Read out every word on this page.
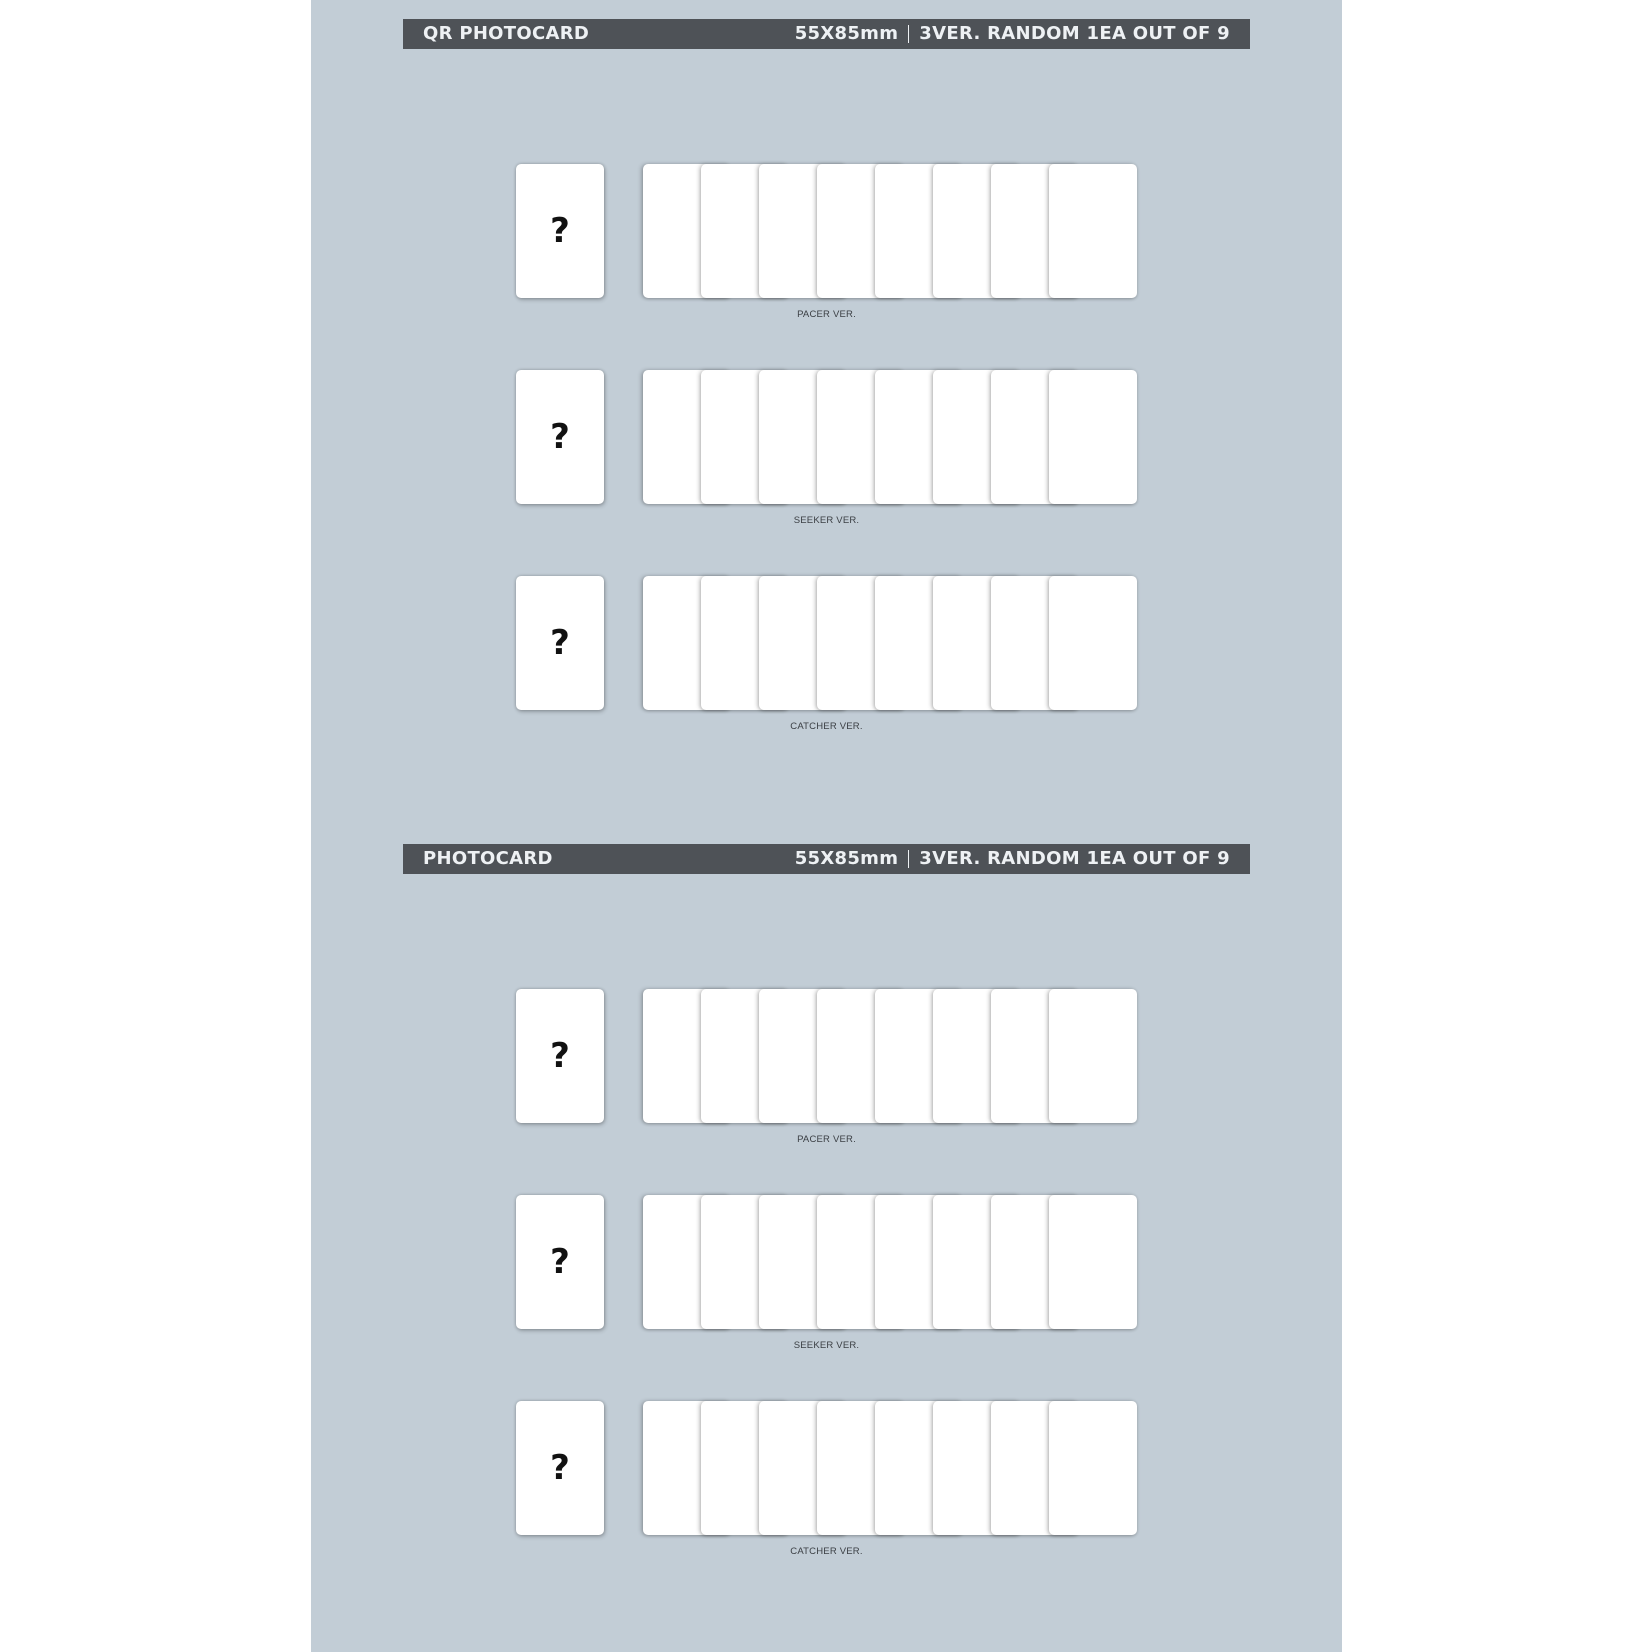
QR PHOTOCARD	55X85mm 3VER. RANDOM 1EA OUT OF 9
?
PACER VER.
?
SEEKER VER.
?
CATCHER VER.
PHOTOCARD	55X85mm 3VER. RANDOM 1EA OUT OF 9
?
PACER VER.
?
SEEKER VER.
?
CATCHER VER.
